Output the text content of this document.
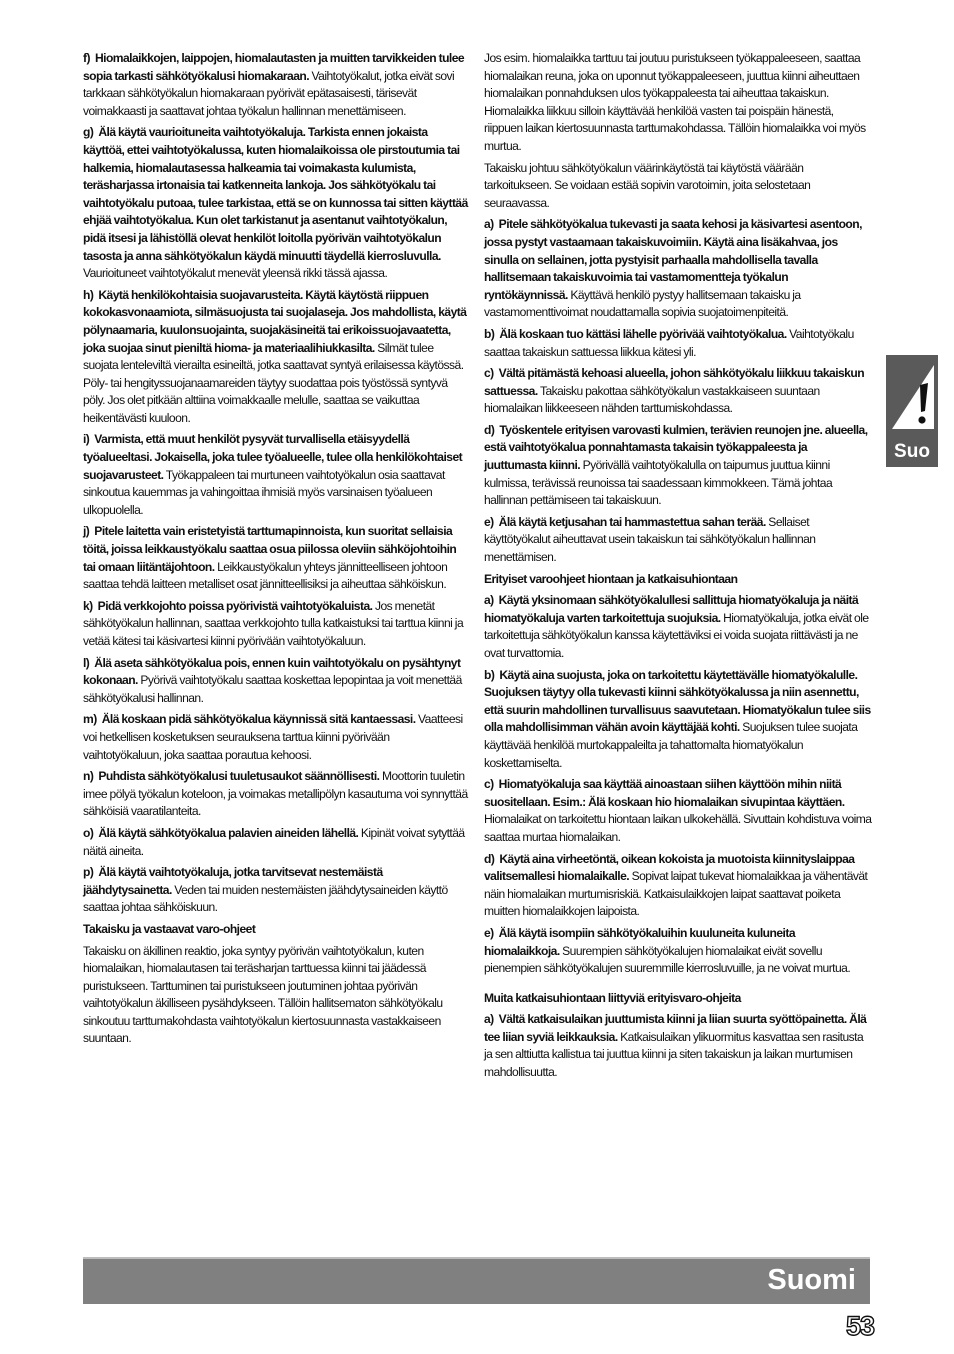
f)  Hiomalaikkojen, laippojen, hiomalautasten ja muitten tarvikkeiden tulee sopia tarkasti sähkötyökalusi hiomakaraan. Vaihtotyökalut, jotka eivät sovi tarkkaan sähkötyökalun hiomakaraan pyörivät epätasaisesti, tärisevät voimakkaasti ja saattavat johtaa työkalun hallinnan menettämiseen.

g)  Älä käytä vaurioituneita vaihtotyökaluja. Tarkista ennen jokaista käyttöä, ettei vaihtotyökalussa, kuten hiomalaikoissa ole pirstoutumia tai halkemia, hiomalautasessa halkeamia tai voimakasta kulumista, teräsharjassa irtonaisia tai katkenneita lankoja. Jos sähkötyökalu tai vaihtotyökalu putoaa, tulee tarkistaa, että se on kunnossa tai sitten käyttää ehjää vaihtotyökalua. Kun olet tarkistanut ja asentanut vaihtotyökalun, pidä itsesi ja lähistöllä olevat henkilöt loitolla pyörivän vaihtotyökalun tasosta ja anna sähkötyökalun käydä minuutti täydellä kierrosluvulla. Vaurioituneet vaihtotyökalut menevät yleensä rikki tässä ajassa.

h)  Käytä henkilökohtaisia suojavarusteita. Käytä käytöstä riippuen kokokasvonaamiota, silmäsuojusta tai suojalaseja. Jos mahdollista, käytä pölynaamaria, kuulonsuojainta, suojakäsineitä tai erikoissuojavaatetta, joka suojaa sinut pieniltä hioma- ja materiaalihiukkasilta. Silmät tulee suojata lenteleviltä vierailta esineiltä, jotka saattavat syntyä erilaisessa käytössä. Pöly- tai hengityssuojanaamareiden täytyy suodattaa pois työstössä syntyvä pöly. Jos olet pitkään alttiina voimakkaalle melulle, saattaa se vaikuttaa heikentävästi kuuloon.

i)  Varmista, että muut henkilöt pysyvät turvallisella etäisyydellä työalueeltasi. Jokaisella, joka tulee työalueelle, tulee olla henkilökohtaiset suojavarusteet. Työkappaleen tai murtuneen vaihtotyökalun osia saattavat sinkoutua kauemmas ja vahingoittaa ihmisiä myös varsinaisen työalueen ulkopuolella.

j)  Pitele laitetta vain eristetyistä tarttumapinnoista, kun suoritat sellaisia töitä, joissa leikkaustyökalu saattaa osua piilossa oleviin sähköjohtoihin tai omaan liitäntäjohtoon. Leikkaustyökalun yhteys jännitteelliseen johtoon saattaa tehdä laitteen metalliset osat jännitteellisiksi ja aiheuttaa sähköiskun.

k)  Pidä verkkojohto poissa pyörivistä vaihtotyökaluista. Jos menetät sähkötyökalun hallinnan, saattaa verkkojohto tulla katkaistuksi tai tarttua kiinni ja vetää kätesi tai käsivartesi kiinni pyörivään vaihtotyökaluun.

l)  Älä aseta sähkötyökalua pois, ennen kuin vaihtotyökalu on pysähtynyt kokonaan. Pyörivä vaihtotyökalu saattaa koskettaa lepopintaa ja voit menettää sähkötyökalusi hallinnan.

m)  Älä koskaan pidä sähkötyökalua käynnissä sitä kantaessasi. Vaatteesi voi hetkellisen kosketuksen seurauksena tarttua kiinni pyörivään vaihtotyökaluun, joka saattaa porautua kehoosi.

n)  Puhdista sähkötyökalusi tuuletusaukot säännöllisesti. Moottorin tuuletin imee pölyä työkalun koteloon, ja voimakas metallipölyn kasautuma voi synnyttää sähköisiä vaaratilanteita.

o)  Älä käytä sähkötyökalua palavien aineiden lähellä. Kipinät voivat sytyttää näitä aineita.

p)  Älä käytä vaihtotyökaluja, jotka tarvitsevat nestemäistä jäähdytysainetta. Veden tai muiden nestemäisten jäähdytysaineiden käyttö saattaa johtaa sähköiskuun.

Takaisku ja vastaavat varo-ohjeet

Takaisku on äkillinen reaktio, joka syntyy pyörivän vaihtotyökalun, kuten hiomalaikan, hiomalautasen tai teräsharjan tarttuessa kiinni tai jäädessä puristukseen. Tarttuminen tai puristukseen joutuminen johtaa pyörivän vaihtotyökalun äkilliseen pysähdykseen. Tällöin hallitsematon sähkötyökalu sinkoutuu tarttumakohdasta vaihtotyökalun kiertosuunnasta vastakkaiseen suuntaan.

Jos esim. hiomalaikka tarttuu tai joutuu puristukseen työkappaleeseen, saattaa hiomalaikan reuna, joka on uponnut työkappaleeseen, juuttua kiinni aiheuttaen hiomalaikan ponnahduksen ulos työkappaleesta tai aiheuttaa takaiskun. Hiomalaikka liikkuu silloin käyttävää henkilöä vasten tai poispäin hänestä, riippuen laikan kiertosuunnasta tarttumakohdassa. Tällöin hiomalaikka voi myös murtua.

Takaisku johtuu sähkötyökalun väärinkäytöstä tai käytöstä väärään tarkoitukseen. Se voidaan estää sopivin varotoimin, joita selostetaan seuraavassa.

a)  Pitele sähkötyökalua tukevasti ja saata kehosi ja käsivartesi asentoon, jossa pystyt vastaamaan takaiskuvoimiin. Käytä aina lisäkahvaa, jos sinulla on sellainen, jotta pystyisit parhaalla mahdollisella tavalla hallitsemaan takaiskuvoimia tai vastamomentteja työkalun ryntökäynnissä. Käyttävä henkilö pystyy hallitsemaan takaisku ja vastamomenttivoimat noudattamalla sopivia suojatoimenpiteitä.

b)  Älä koskaan tuo kättäsi lähelle pyörivää vaihtotyökalua. Vaihtotyökalu saattaa takaiskun sattuessa liikkua kätesi yli.

c)  Vältä pitämästä kehoasi alueella, johon sähkötyökalu liikkuu takaiskun sattuessa. Takaisku pakottaa sähkötyökalun vastakkaiseen suuntaan hiomalaikan liikkeeseen nähden tarttumiskohdassa.

d)  Työskentele erityisen varovasti kulmien, terävien reunojen jne. alueella, estä vaihtotyökalua ponnahtamasta takaisin työkappaleesta ja juuttumasta kiinni. Pyörivällä vaihtotyökalulla on taipumus juuttua kiinni kulmissa, terävissä reunoissa tai saadessaan kimmokkeen. Tämä johtaa hallinnan pettämiseen tai takaiskuun.

e)  Älä käytä ketjusahan tai hammastettua sahan terää. Sellaiset käyttötyökalut aiheuttavat usein takaiskun tai sähkötyökalun hallinnan menettämisen.

Erityiset varoohjeet hiontaan ja katkaisuhiontaan

a)  Käytä yksinomaan sähkötyökalullesi sallittuja hiomatyökaluja ja näitä hiomatyökaluja varten tarkoitettuja suojuksia. Hiomatyökaluja, jotka eivät ole tarkoitettuja sähkötyökalun kanssa käytettäviksi ei voida suojata riittävästi ja ne ovat turvattomia.

b)  Käytä aina suojusta, joka on tarkoitettu käytettävälle hiomatyökalulle. Suojuksen täytyy olla tukevasti kiinni sähkötyökalussa ja niin asennettu, että suurin mahdollinen turvallisuus saavutetaan. Hiomatyökalun tulee siis olla mahdollisimman vähän avoin käyttäjää kohti. Suojuksen tulee suojata käyttävää henkilöä murtokappaleilta ja tahattomalta hiomatyökalun koskettamiselta.

c)  Hiomatyökaluja saa käyttää ainoastaan siihen käyttöön mihin niitä suositellaan. Esim.: Älä koskaan hio hiomalaikan sivupintaa käyttäen. Hiomalaikat on tarkoitettu hiontaan laikan ulkokehällä. Sivuttain kohdistuva voima saattaa murtaa hiomalaikan.

d)  Käytä aina virheetöntä, oikean kokoista ja muotoista kiinnityslaippaa valitsemallesi hiomalaikalle. Sopivat laipat tukevat hiomalaikkaa ja vähentävät näin hiomalaikan murtumisriskiä. Katkaisulaikkojen laipat saattavat poiketa muitten hiomalaikkojen laipoista.

e)  Älä käytä isompiin sähkötyökaluihin kuuluneita kuluneita hiomalaikkoja. Suurempien sähkötyökalujen hiomalaikat eivät sovellu pienempien sähkötyökalujen suuremmille kierrosluvuille, ja ne voivat murtua.

Muita katkaisuhiontaan liittyviä erityisvaro-ohjeita

a)  Vältä katkaisulaikan juuttumista kiinni ja liian suurta syöttöpainetta. Älä tee liian syviä leikkauksia. Katkaisulaikan ylikuormitus kasvattaa sen rasitusta ja sen alttiutta kallistua tai juuttua kiinni ja siten takaiskun ja laikan murtumisen mahdollisuutta.

Suo
Suomi
53
